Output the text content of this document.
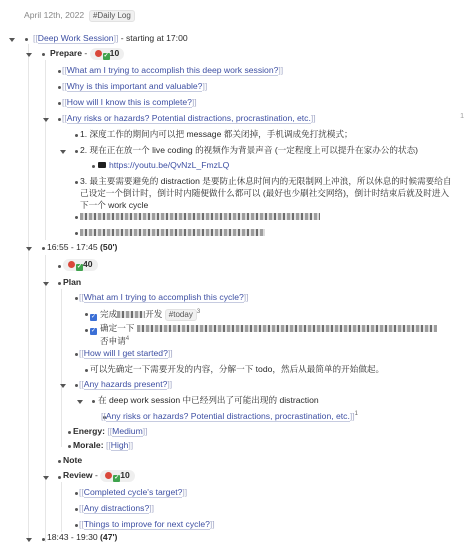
April 12th, 2022 #Daily Log
[[Deep Work Session]] - starting at 17:00
Prepare -	✓10
[[What am I trying to accomplish this deep work session?]]
[[Why is this important and valuable?]]
[[How will I know this is complete?]]
[[Any risks or hazards? Potential distractions, procrastination, etc.]]	1
1. 深度工作的期间内可以把 message 都关闭掉，手机调成免打扰模式；
2. 现在正在放一个 live coding 的视频作为背景声音 (一定程度上可以提升在家办公的状态)
https://youtu.be/QvNzL_FmzLQ
3. 最主要需要避免的 distraction 是要防止休息时间内的无限制网上冲浪，所以休息的时候需要给自
己设定一个倒计时，倒计时内随便做什么都可以 (最好也少刷社交网络)，倒计时结束后就及时进入
下一个 work cycle
16:55 - 17:45 (50')
✓40
Plan
[[What am I trying to accomplish this cycle?]]
✓ 完成	开发 #today $^3$
✓ 确定一下
否申请$^4$
[[How will I get started?]]
可以先确定一下需要开发的内容，分解一下 todo，然后从最简单的开始做起。
[[Any hazards present?]]
在 deep work session 中已经列出了可能出现的 distraction
[[Any risks or hazards? Potential distractions, procrastination, etc.]]$^1$
Energy: [[Medium]]
Morale: [[High]]
Note
Review -	✓10
[[Completed cycle's target?]]
[[Any distractions?]]
[[Things to improve for next cycle?]]
18:43 - 19:30 (47')
